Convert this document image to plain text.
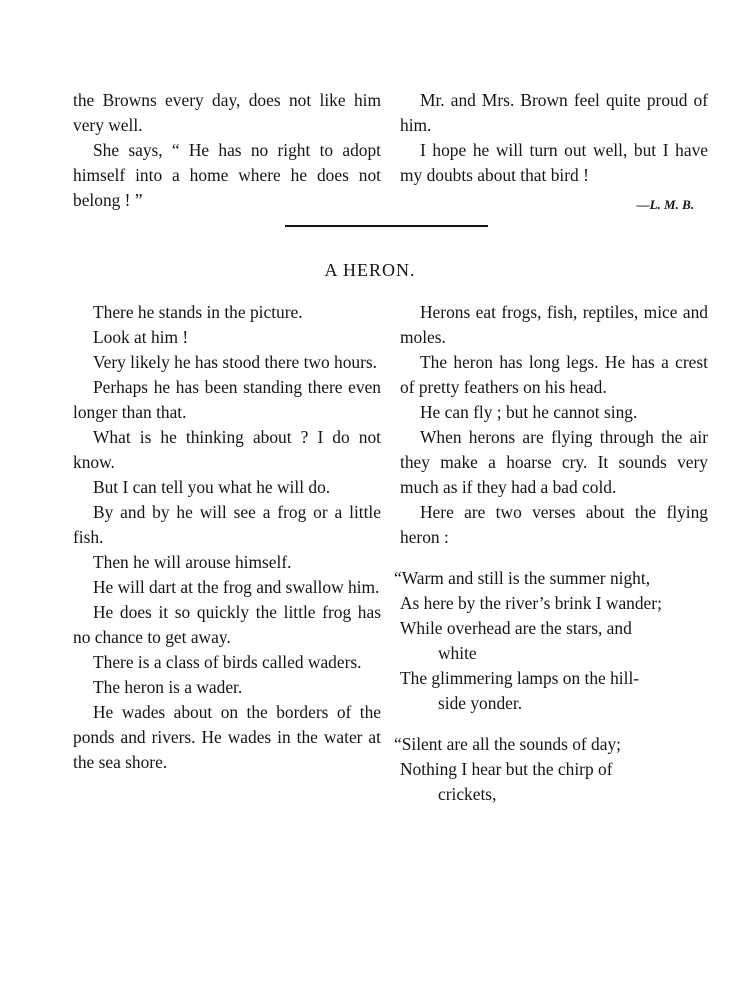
the Browns every day, does not like him very well.

She says, “ He has no right to adopt himself into a home where he does not belong ! ”

Mr. and Mrs. Brown feel quite proud of him.

I hope he will turn out well, but I have my doubts about that bird !

—L. M. B.

A HERON.

There he stands in the picture.

Look at him !

Very likely he has stood there two hours.

Perhaps he has been standing there even longer than that.

What is he thinking about ? I do not know.

But I can tell you what he will do.

By and by he will see a frog or a little fish.

Then he will arouse himself.

He will dart at the frog and swallow him.

He does it so quickly the little frog has no chance to get away.

There is a class of birds called waders.

The heron is a wader.

He wades about on the borders of the ponds and rivers. He wades in the water at the sea shore.

Herons eat frogs, fish, reptiles, mice and moles.

The heron has long legs. He has a crest of pretty feathers on his head.

He can fly ; but he cannot sing.

When herons are flying through the air they make a hoarse cry. It sounds very much as if they had a bad cold.

Here are two verses about the flying heron :

“Warm and still is the summer night,

As here by the river’s brink I wander;

While overhead are the stars, and

white

The glimmering lamps on the hill-

side yonder.

“Silent are all the sounds of day;

Nothing I hear but the chirp of

crickets,
